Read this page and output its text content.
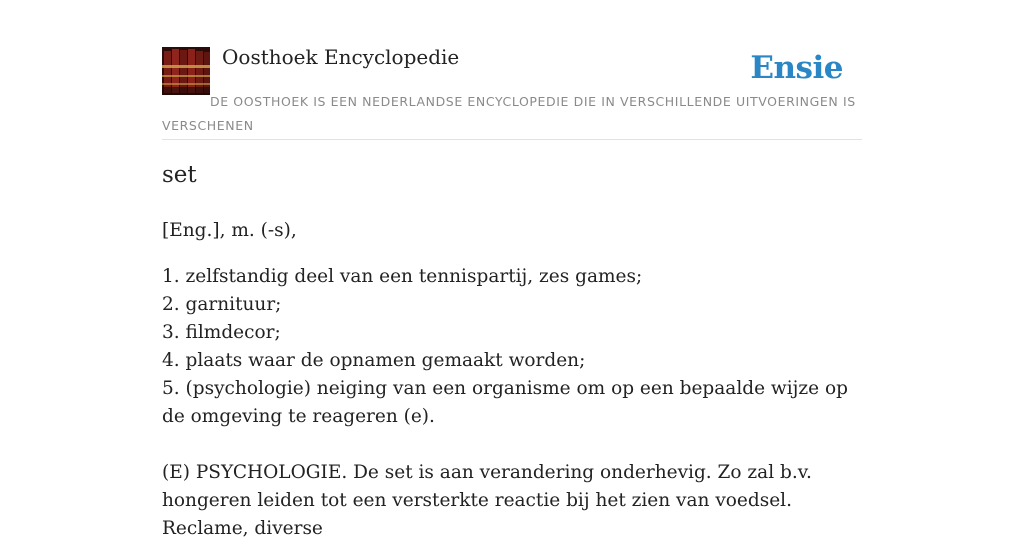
Oosthoek Encyclopedie	Ensie

DE OOSTHOEK IS EEN NEDERLANDSE ENCYCLOPEDIE DIE IN VERSCHILLENDE UITVOERINGEN IS VERSCHENEN

set

[Eng.], m. (-s),

1. zelfstandig deel van een tennispartij, zes games;
2. garnituur;
3. filmdecor;
4. plaats waar de opnamen gemaakt worden;
5. (psychologie) neiging van een organisme om op een bepaalde wijze op de omgeving te reageren (e).

(E) PSYCHOLOGIE. De set is aan verandering onderhevig. Zo zal b.v. hongeren leiden tot een versterkte reactie bij het zien van voedsel. Reclame, diverse
